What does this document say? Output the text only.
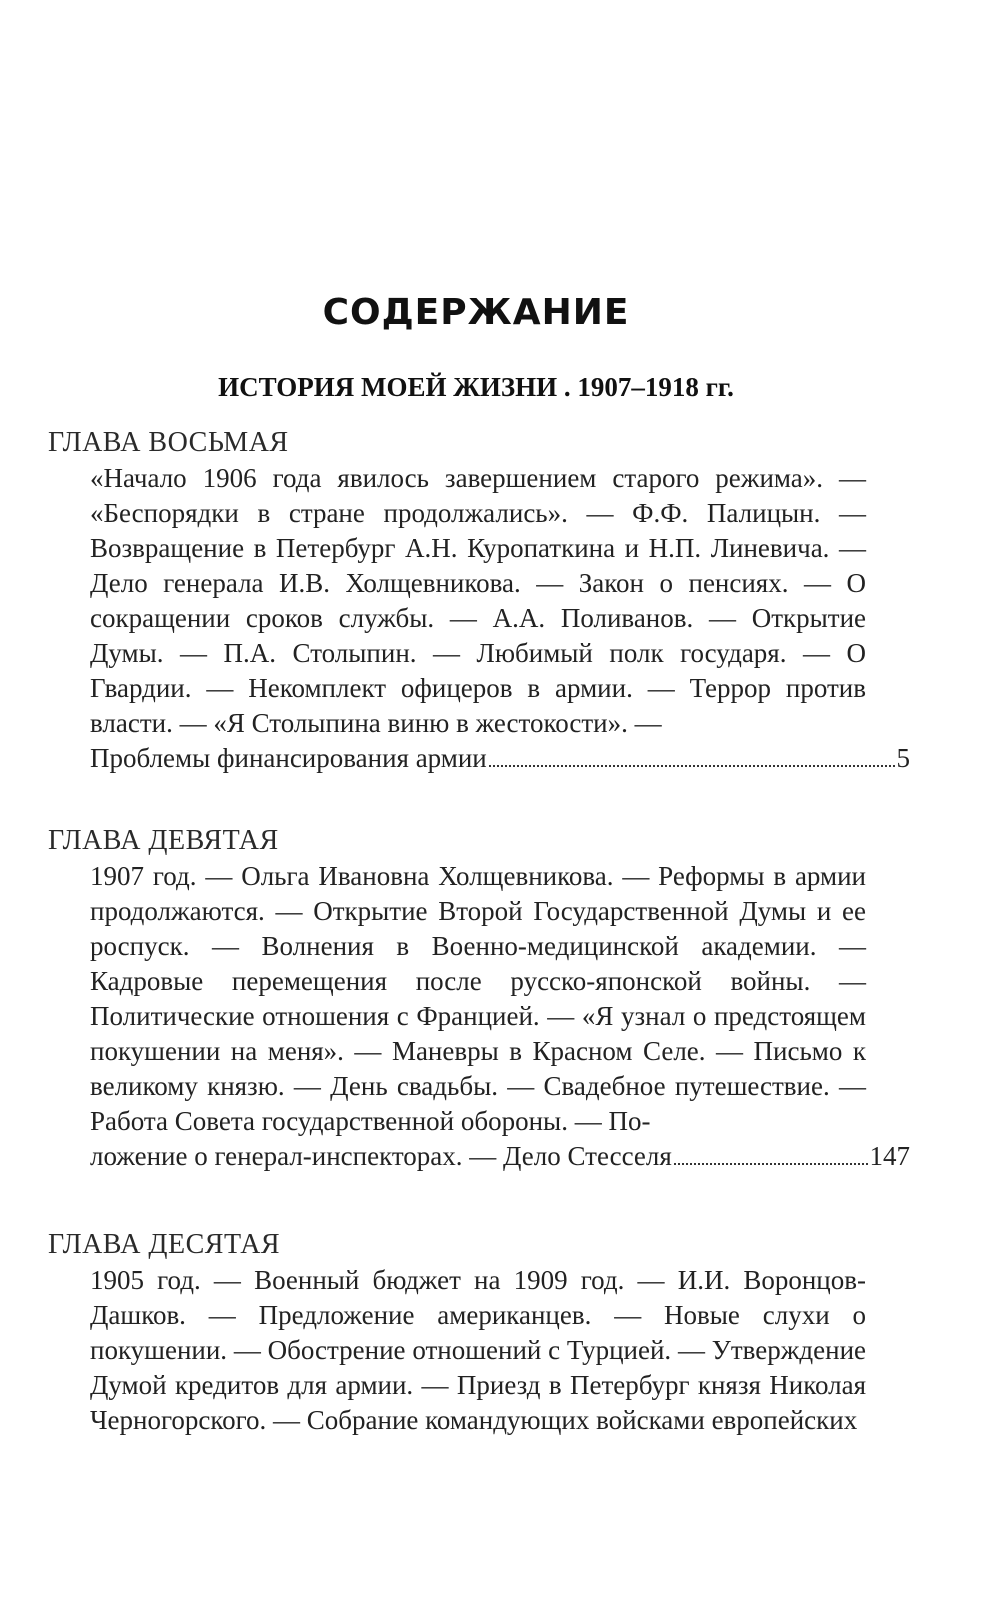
СОДЕРЖАНИЕ
ИСТОРИЯ МОЕЙ ЖИЗНИ . 1907–1918 гг.

ГЛАВА ВОСЬМАЯ

«Начало 1906 года явилось завершением старого режима». — «Беспорядки в стране продолжались». — Ф.Ф. Палицын. — Возвращение в Петербург А.Н. Куропаткина и Н.П. Линевича. — Дело генерала И.В. Холщевникова. — Закон о пенсиях. — О сокращении сроков службы. — А.А. Поливанов. — Открытие Думы. — П.А. Столыпин. — Любимый полк государя. — О Гвардии. — Некомплект офицеров в армии. — Террор против власти. — «Я Столыпина виню в жестокости». —

Проблемы финансирования армии	5

ГЛАВА ДЕВЯТАЯ

1907 год. — Ольга Ивановна Холщевникова. — Реформы в армии продолжаются. — Открытие Второй Государственной Думы и ее роспуск. — Волнения в Военно-медицинской академии. — Кадровые перемещения после русско-японской войны. — Политические отношения с Францией. — «Я узнал о предстоящем покушении на меня». — Маневры в Красном Селе. — Письмо к великому князю. — День свадьбы. — Свадебное путешествие. — Работа Совета государственной обороны. — По-

ложение о генерал-инспекторах. — Дело Стесселя	147

ГЛАВА ДЕСЯТАЯ

1905 год. — Военный бюджет на 1909 год. — И.И. Воронцов-Дашков. — Предложение американцев. — Новые слухи о покушении. — Обострение отношений с Турцией. — Утверждение Думой кредитов для армии. — Приезд в Петербург князя Николая Черногорского. — Собрание командующих войсками европейских
